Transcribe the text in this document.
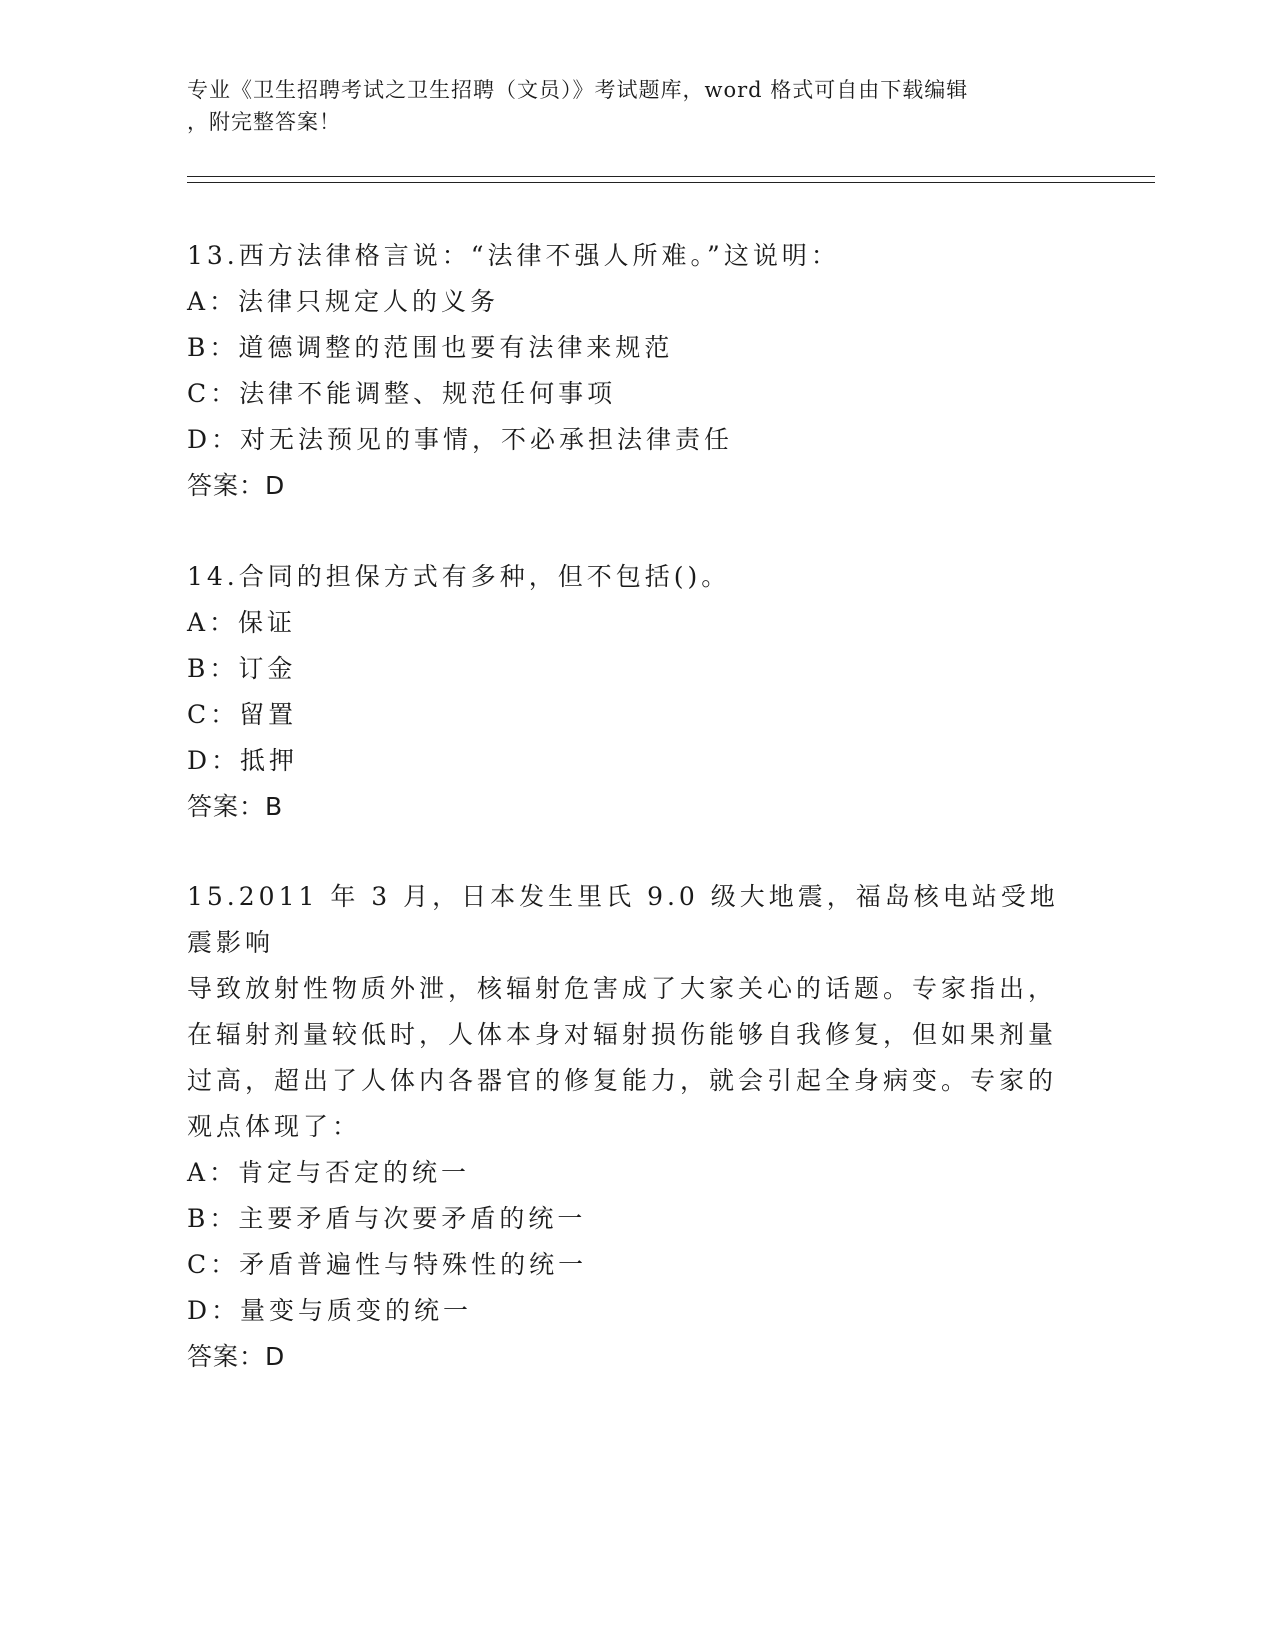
专业《卫生招聘考试之卫生招聘（文员）》考试题库，word 格式可自由下载编辑
，附完整答案！
13.西方法律格言说：“法律不强人所难。”这说明：
A：法律只规定人的义务
B：道德调整的范围也要有法律来规范
C：法律不能调整、规范任何事项
D：对无法预见的事情，不必承担法律责任
答案：D
14.合同的担保方式有多种，但不包括()。
A：保证
B：订金
C：留置
D：抵押
答案：B
15.2011 年 3 月，日本发生里氏 9.0 级大地震，福岛核电站受地震影响
导致放射性物质外泄，核辐射危害成了大家关心的话题。专家指出，
在辐射剂量较低时，人体本身对辐射损伤能够自我修复，但如果剂量
过高，超出了人体内各器官的修复能力，就会引起全身病变。专家的
观点体现了：
A：肯定与否定的统一
B：主要矛盾与次要矛盾的统一
C：矛盾普遍性与特殊性的统一
D：量变与质变的统一
答案：D
